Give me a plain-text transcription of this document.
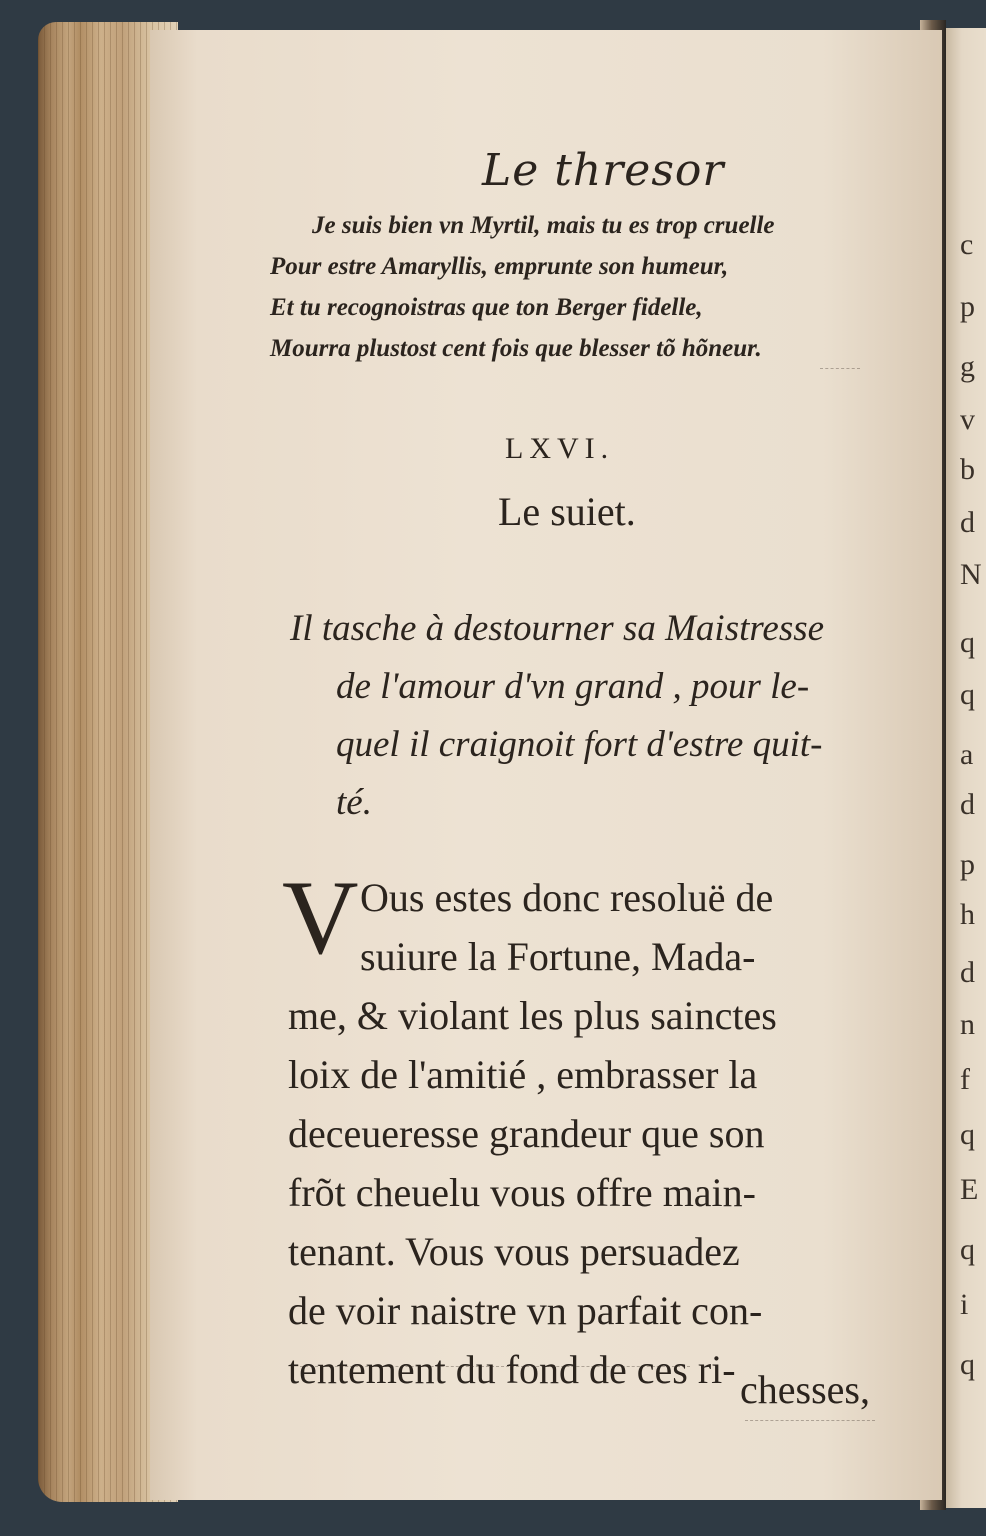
c
p
g
v
b
d
N
q
q
a
d
p
h
d
n
f
q
E
q
i
q
Le thresor
Je suis bien vn Myrtil, mais tu es trop cruelle
Pour estre Amaryllis, emprunte son humeur,
Et tu recognoistras que ton Berger fidelle,
Mourra plustost cent fois que blesser tõ hõneur.
LXVI.
Le suiet.
Il tasche à destourner sa Maistresse
de l'amour d'vn grand , pour le-
quel il craignoit fort d'estre quit-
té.
V Ous estes donc resoluë de
suiure la Fortune, Mada-
me, & violant les plus sainctes
loix de l'amitié , embrasser la
deceueresse grandeur que son
frõt cheuelu vous offre main-
tenant. Vous vous persuadez
de voir naistre vn parfait con-
tentement du fond de ces ri- chesses,
